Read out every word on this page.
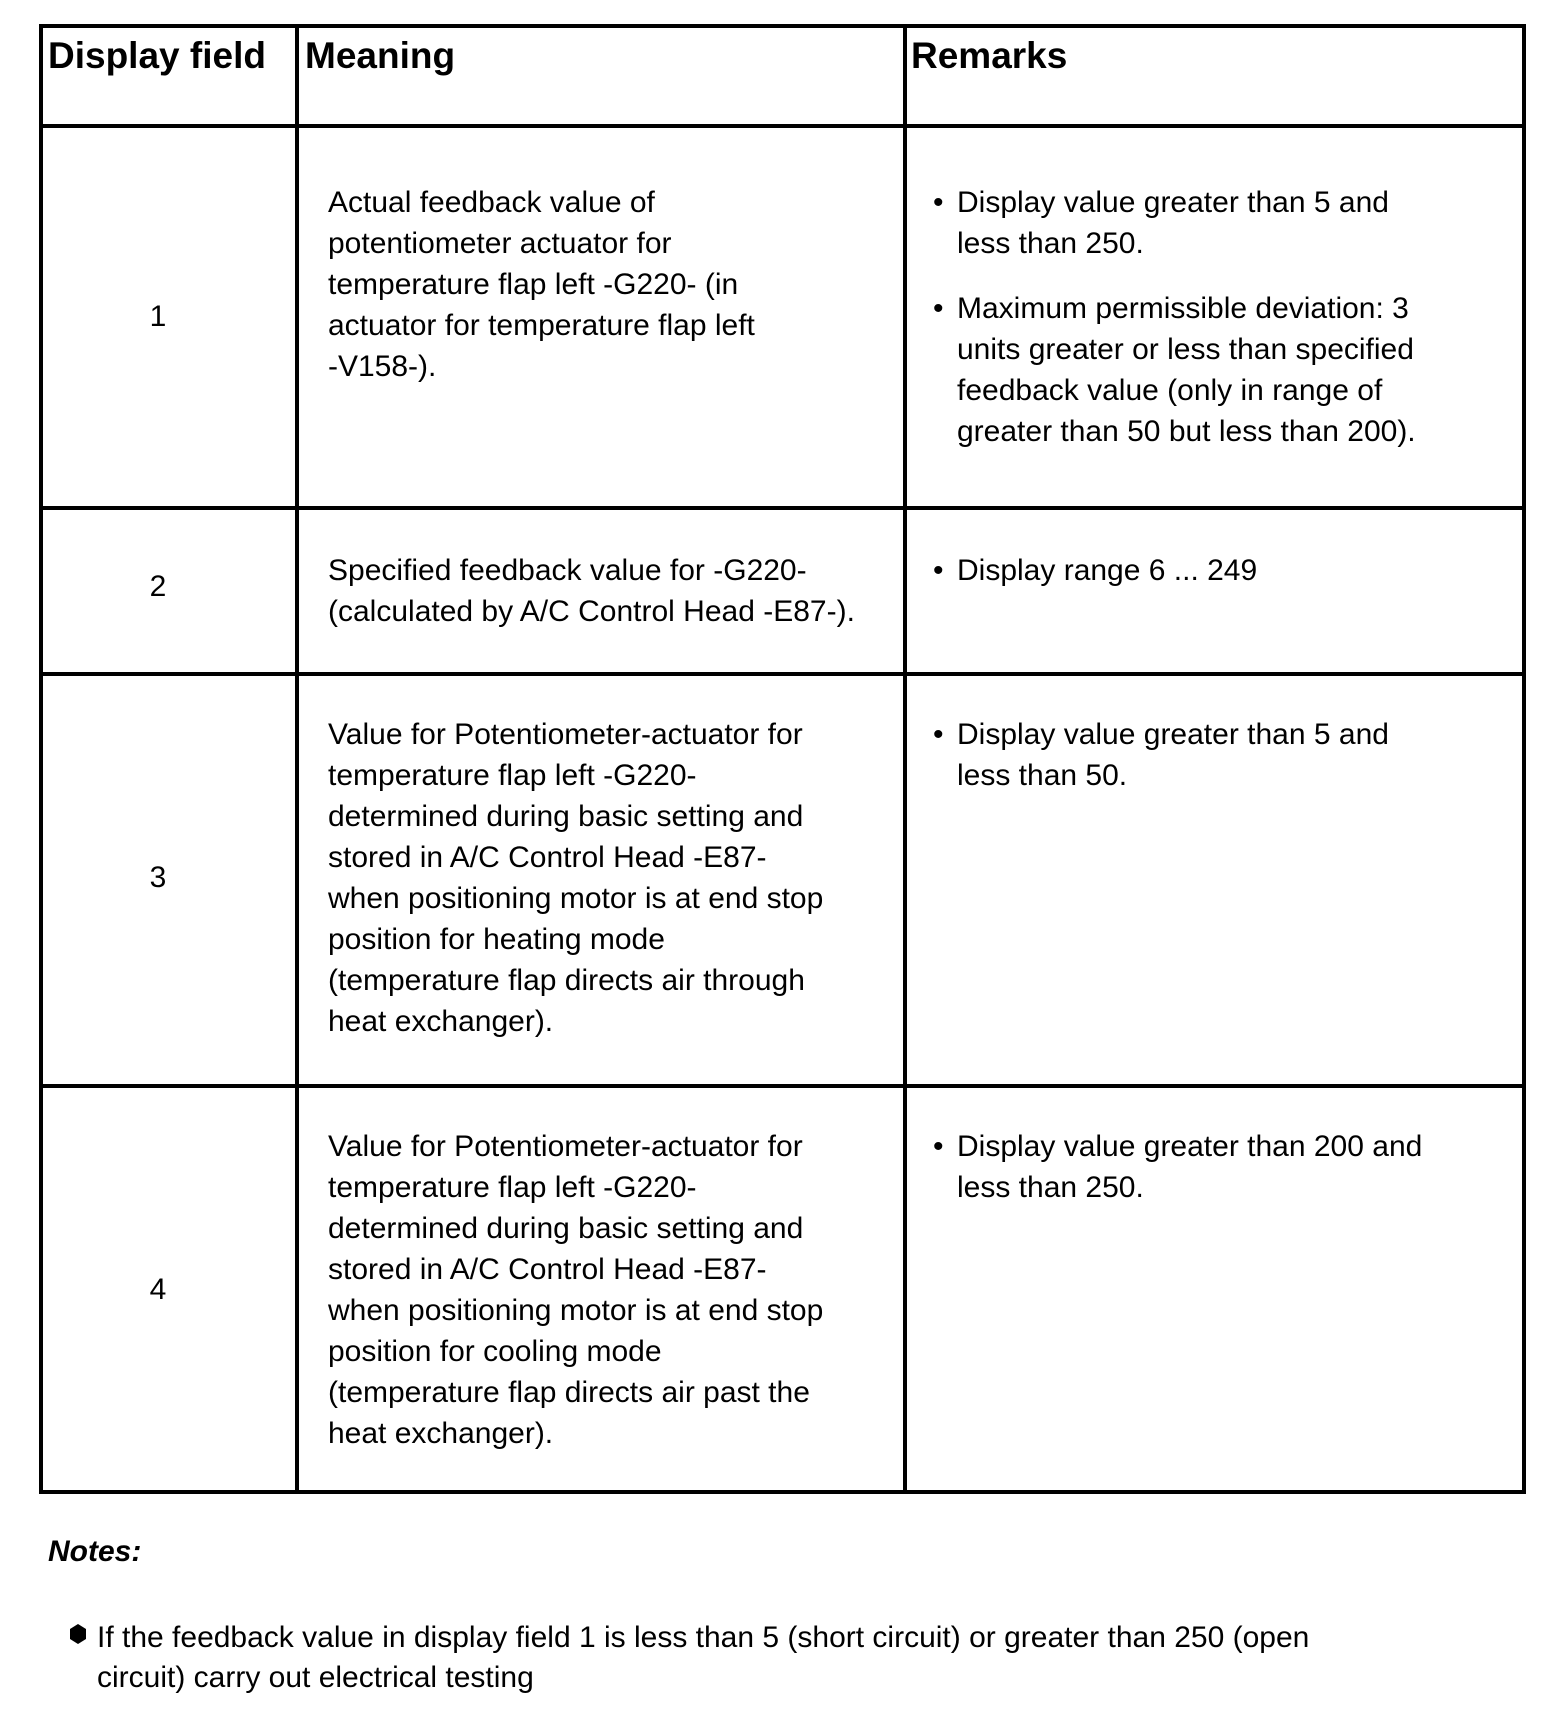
Display field Meaning	Remarks
1
Actual feedback value of
potentiometer actuator for
temperature flap left -G220- (in
actuator for temperature flap left
-V158-).
• Display value greater than 5 and
less than 250.
• Maximum permissible deviation: 3
units greater or less than specified
feedback value (only in range of
greater than 50 but less than 200).
2	Specified feedback value for -G220-
(calculated by A/C Control Head -E87-).
• Display range 6 ... 249
3
Value for Potentiometer-actuator for
temperature flap left -G220-
determined during basic setting and
stored in A/C Control Head -E87-
when positioning motor is at end stop
position for heating mode
(temperature flap directs air through
heat exchanger).
• Display value greater than 5 and
less than 50.
4
Value for Potentiometer-actuator for
temperature flap left -G220-
determined during basic setting and
stored in A/C Control Head -E87-
when positioning motor is at end stop
position for cooling mode
(temperature flap directs air past the
heat exchanger).
• Display value greater than 200 and
less than 250.
Notes:
If the feedback value in display field 1 is less than 5 (short circuit) or greater than 250 (open
circuit) carry out electrical testing
